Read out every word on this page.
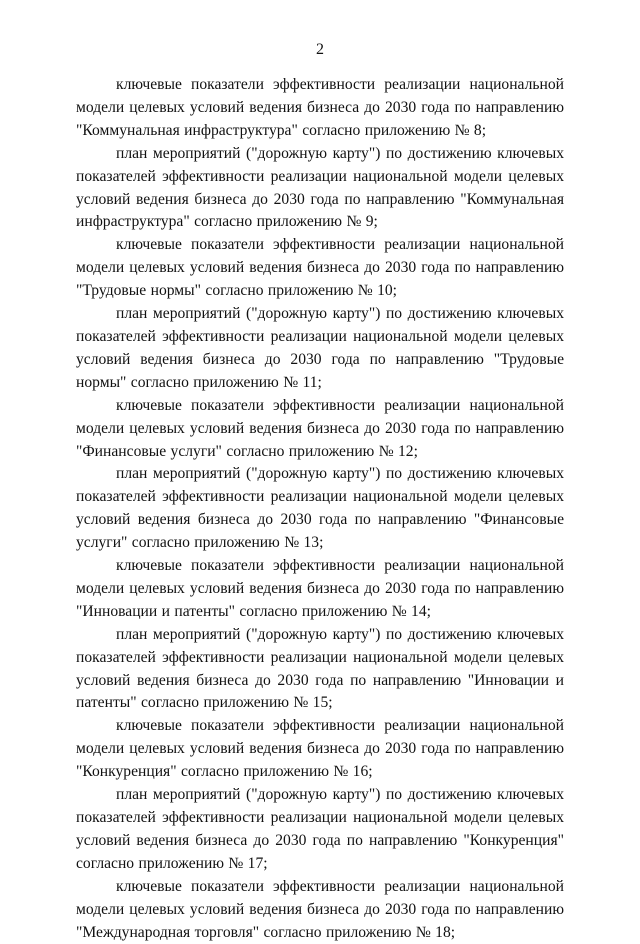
2

ключевые показатели эффективности реализации национальной модели целевых условий ведения бизнеса до 2030 года по направлению "Коммунальная инфраструктура" согласно приложению № 8;

план мероприятий ("дорожную карту") по достижению ключевых показателей эффективности реализации национальной модели целевых условий ведения бизнеса до 2030 года по направлению "Коммунальная инфраструктура" согласно приложению № 9;

ключевые показатели эффективности реализации национальной модели целевых условий ведения бизнеса до 2030 года по направлению "Трудовые нормы" согласно приложению № 10;

план мероприятий ("дорожную карту") по достижению ключевых показателей эффективности реализации национальной модели целевых условий ведения бизнеса до 2030 года по направлению "Трудовые нормы" согласно приложению № 11;

ключевые показатели эффективности реализации национальной модели целевых условий ведения бизнеса до 2030 года по направлению "Финансовые услуги" согласно приложению № 12;

план мероприятий ("дорожную карту") по достижению ключевых показателей эффективности реализации национальной модели целевых условий ведения бизнеса до 2030 года по направлению "Финансовые услуги" согласно приложению № 13;

ключевые показатели эффективности реализации национальной модели целевых условий ведения бизнеса до 2030 года по направлению "Инновации и патенты" согласно приложению № 14;

план мероприятий ("дорожную карту") по достижению ключевых показателей эффективности реализации национальной модели целевых условий ведения бизнеса до 2030 года по направлению "Инновации и патенты" согласно приложению № 15;

ключевые показатели эффективности реализации национальной модели целевых условий ведения бизнеса до 2030 года по направлению "Конкуренция" согласно приложению № 16;

план мероприятий ("дорожную карту") по достижению ключевых показателей эффективности реализации национальной модели целевых условий ведения бизнеса до 2030 года по направлению "Конкуренция" согласно приложению № 17;

ключевые показатели эффективности реализации национальной модели целевых условий ведения бизнеса до 2030 года по направлению "Международная торговля" согласно приложению № 18;
